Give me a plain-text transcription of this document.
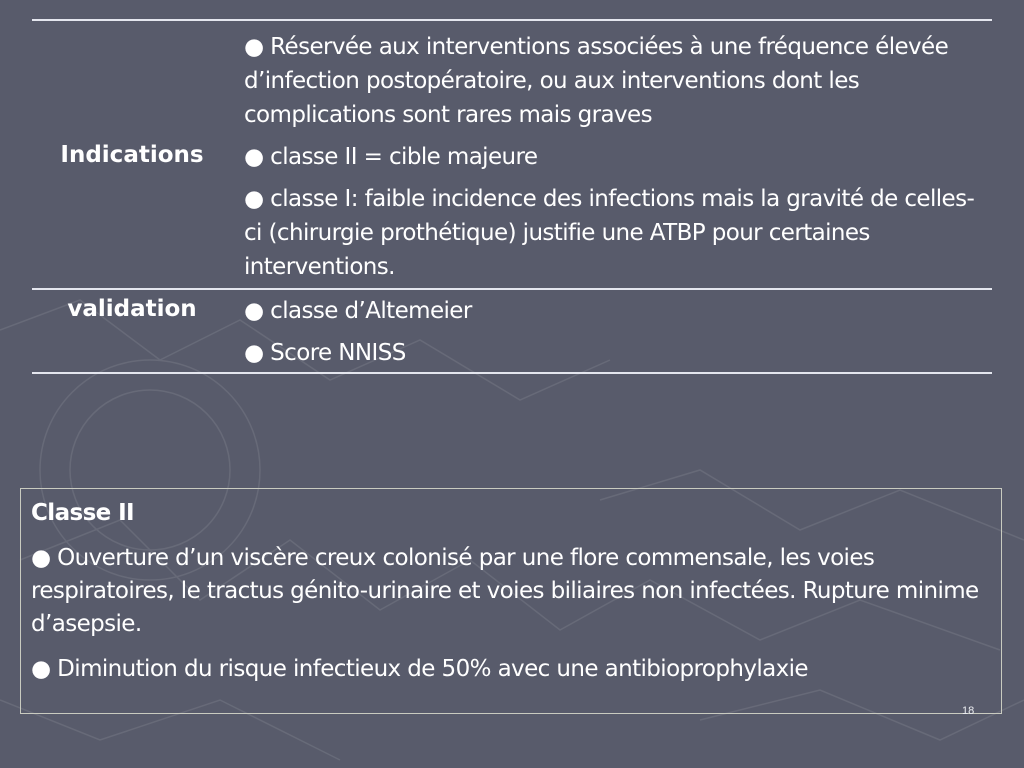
Indications

● Réservée aux interventions associées à une fréquence élevée d’infection postopératoire, ou aux interventions dont les complications sont rares mais graves

● classe II = cible majeure

● classe I: faible incidence des infections mais la gravité de celles-ci (chirurgie prothétique) justifie une ATBP pour certaines interventions.

validation	● classe d’Altemeier

● Score NNISS

Classe II

● Ouverture d’un viscère creux colonisé par une flore commensale, les voies respiratoires, le tractus génito-urinaire et voies biliaires non infectées. Rupture minime d’asepsie.

● Diminution du risque infectieux de 50% avec une antibioprophylaxie

18
